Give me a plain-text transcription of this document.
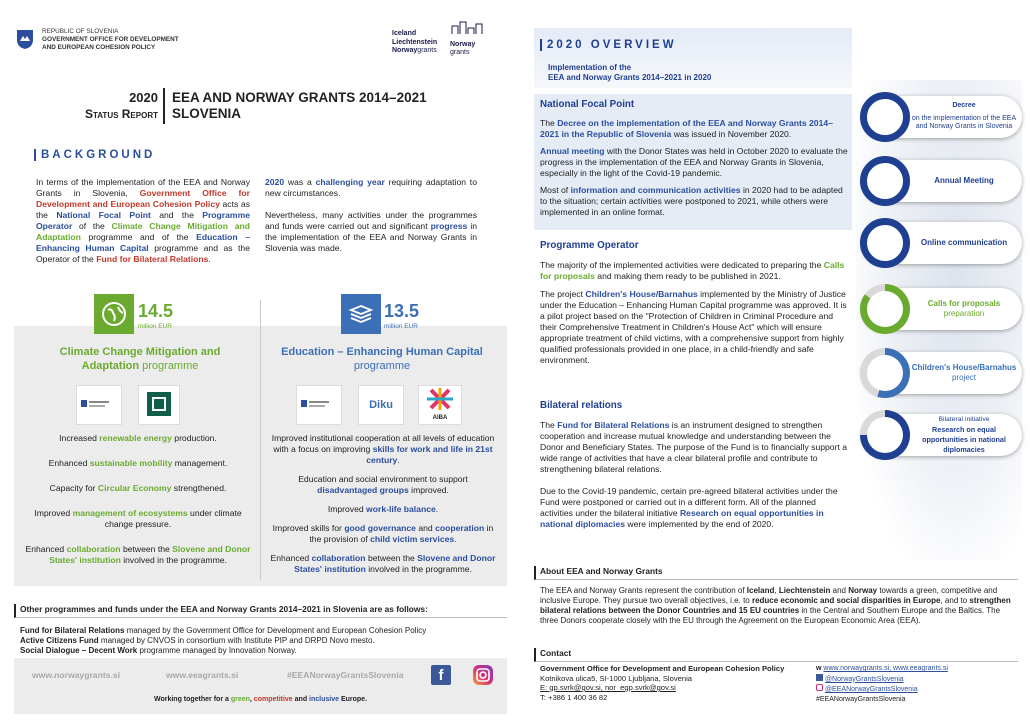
REPUBLIC OF SLOVENIA
GOVERNMENT OFFICE FOR DEVELOPMENT
AND EUROPEAN COHESION POLICY
Iceland
Liechtenstein
Norwaygrants
Norway
grants
2020
Status Report
EEA AND NORWAY GRANTS 2014–2021
SLOVENIA
BACKGROUND
In terms of the implementation of the EEA and Norway Grants in Slovenia, Government Office for Development and European Cohesion Policy acts as the National Focal Point and the Programme Operator of the Climate Change Mitigation and Adaptation programme and of the Education – Enhancing Human Capital programme and as the Operator of the Fund for Bilateral Relations.
2020 was a challenging year requiring adaptation to new circumstances.
Nevertheless, many activities under the programmes and funds were carried out and significant progress in the implementation of the EEA and Norway Grants in Slovenia was made.
14.5
million EUR
Climate Change Mitigation and Adaptation programme
Increased renewable energy production.
Enhanced sustainable mobility management.
Capacity for Circular Economy strengthened.
Improved management of ecosystems under climate change pressure.
Enhanced collaboration between the Slovene and Donor States' institution involved in the programme.
13.5
million EUR
Education – Enhancing Human Capital
programme
Diku
AIBA
Improved institutional cooperation at all levels of education with a focus on improving skills for work and life in 21st century.
Education and social environment to support disadvantaged groups improved.
Improved work-life balance.
Improved skills for good governance and cooperation in the provision of child victim services.
Enhanced collaboration between the Slovene and Donor States' institution involved in the programme.
Other programmes and funds under the EEA and Norway Grants 2014–2021 in Slovenia are as follows:
Fund for Bilateral Relations managed by the Government Office for Development and European Cohesion Policy
Active Citizens Fund managed by CNVOS in consortium with Institute PIP and DRPD Novo mesto.
Social Dialogue – Decent Work programme managed by Innovation Norway.
www.norwaygrants.si	www.eeagrants.si	#EEANorwayGrantsSlovenia	f
Working together for a green, competitive and inclusive Europe.
2020 OVERVIEW
Implementation of the
EEA and Norway Grants 2014–2021 in 2020
National Focal Point
The Decree on the implementation of the EEA and Norway Grants 2014–2021 in the Republic of Slovenia was issued in November 2020.
Annual meeting with the Donor States was held in October 2020 to evaluate the progress in the implementation of the EEA and Norway Grants in Slovenia, especially in the light of the Covid-19 pandemic.
Most of information and communication activities in 2020 had to be adapted to the situation; certain activities were postponed to 2021, while others were implemented in an online format.
Programme Operator
The majority of the implemented activities were dedicated to preparing the Calls for proposals and making them ready to be published in 2021.
The project Children's House/Barnahus implemented by the Ministry of Justice under the Education – Enhancing Human Capital programme was approved. It is a pilot project based on the "Protection of Children in Criminal Procedure and their Comprehensive Treatment in Children's House Act" which will ensure appropriate treatment of child victims, with a comprehensive support from highly qualified professionals provided in one place, in a child-friendly and safe environment.
Bilateral relations
The Fund for Bilateral Relations is an instrument designed to strengthen cooperation and increase mutual knowledge and understanding between the Donor and Beneficiary States. The purpose of the Fund is to financially support a wide range of activities that have a clear bilateral profile and contribute to strengthening bilateral relations.
Due to the Covid-19 pandemic, certain pre-agreed bilateral activities under the Fund were postponed or carried out in a different form. All of the planned activities under the bilateral initiative Research on equal opportunities in national diplomacies were implemented by the end of 2020.
Decree
on the implementation of the EEA and Norway Grants in Slovenia
Annual Meeting
Online communication
Calls for proposals
preparation
Children's House/Barnahus
project
Bilateral initiative
Research on equal opportunities in national diplomacies
About EEA and Norway Grants
The EEA and Norway Grants represent the contribution of Iceland, Liechtenstein and Norway towards a green, competitive and inclusive Europe. They pursue two overall objectives, i.e. to reduce economic and social disparities in Europe, and to strengthen bilateral relations between the Donor Countries and 15 EU countries in the Central and Southern Europe and the Baltics. The three Donors cooperate closely with the EU through the Agreement on the European Economic Area (EEA).
Contact
Government Office for Development and European Cohesion Policy
Kotnikova ulica5, SI-1000 Ljubljana, Slovenia
E: gp.svrk@gov.si, nor_egp.svrk@gov.si
T: +386 1 400 36 82
w www.norwaygrants.si, www.eeagrants.si
@NorwayGrantsSlovenia
@EEANorwayGrantsSlovenia
#EEANorwayGrantsSlovenia
